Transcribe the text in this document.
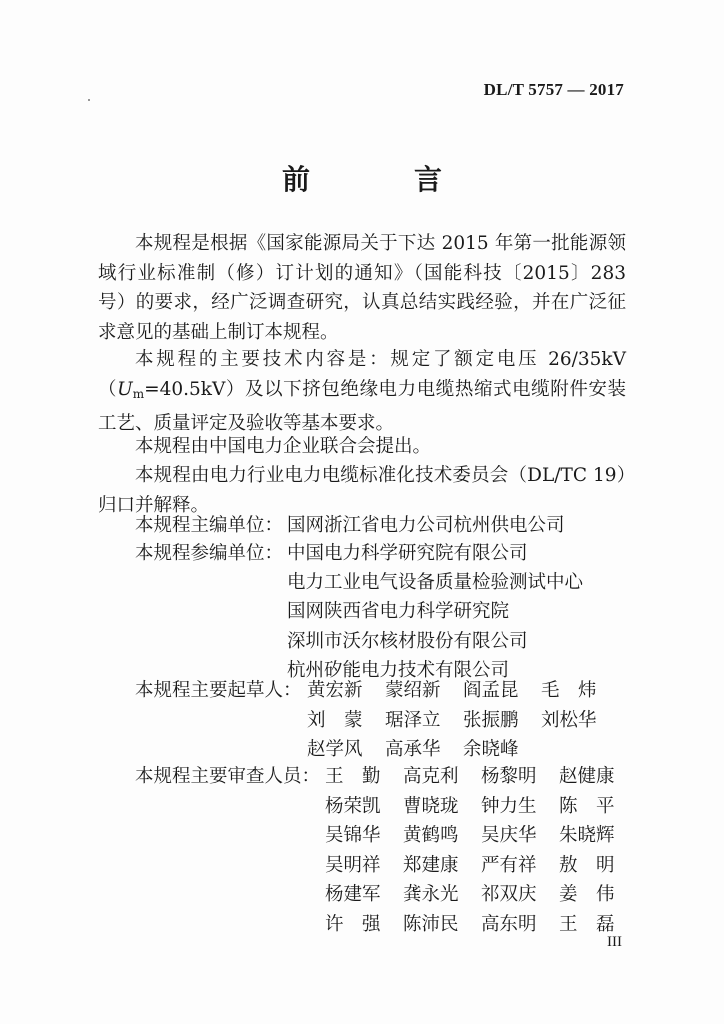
DL/T 5757 — 2017
前　言

本规程是根据《国家能源局关于下达 2015 年第一批能源领域行业标准制（修）订计划的通知》（国能科技〔2015〕283 号）的要求，经广泛调查研究，认真总结实践经验，并在广泛征求意见的基础上制订本规程。

本规程的主要技术内容是：规定了额定电压 $26/35kV(U_m=40.5kV)$及以下挤包绝缘电力电缆热缩式电缆附件安装工艺、质量评定及验收等基本要求。

本规程由中国电力企业联合会提出。

本规程由电力行业电力电缆标准化技术委员会（DL/TC 19）归口并解释。

本规程主编单位： 国网浙江省电力公司杭州供电公司
本规程参编单位： 中国电力科学研究院有限公司
电力工业电气设备质量检验测试中心
国网陕西省电力科学研究院
深圳市沃尔核材股份有限公司
杭州矽能电力技术有限公司
本规程主要起草人： 黄宏新	蒙绍新	阎孟昆	毛　炜
刘　蒙	琚泽立	张振鹏	刘松华
赵学风	高承华	余晓峰
本规程主要审查人员： 王　勤	高克利	杨黎明	赵健康
杨荣凯	曹晓珑	钟力生	陈　平
吴锦华	黄鹤鸣	吴庆华	朱晓辉
吴明祥	郑建康	严有祥	敖　明
杨建军	龚永光	祁双庆	姜　伟
许　强	陈沛民	高东明	王　磊
III
